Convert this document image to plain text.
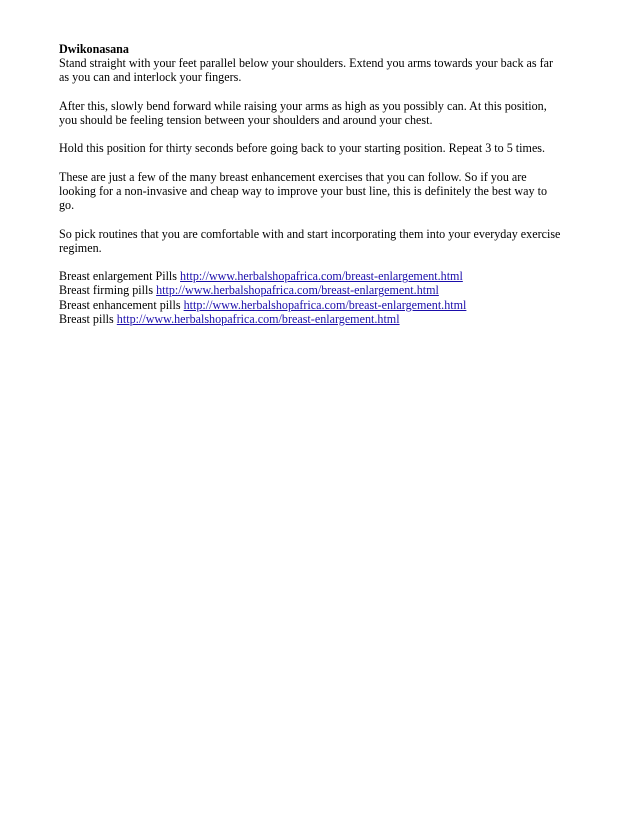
Dwikonasana
Stand straight with your feet parallel below your shoulders. Extend you arms towards your back as far
as you can and interlock your fingers.
After this, slowly bend forward while raising your arms as high as you possibly can. At this position,
you should be feeling tension between your shoulders and around your chest.
Hold this position for thirty seconds before going back to your starting position. Repeat 3 to 5 times.
These are just a few of the many breast enhancement exercises that you can follow. So if you are
looking for a non-invasive and cheap way to improve your bust line, this is definitely the best way to
go.
So pick routines that you are comfortable with and start incorporating them into your everyday exercise
regimen.
Breast enlargement Pills http://www.herbalshopafrica.com/breast-enlargement.html
Breast firming pills http://www.herbalshopafrica.com/breast-enlargement.html
Breast enhancement pills http://www.herbalshopafrica.com/breast-enlargement.html
Breast pills http://www.herbalshopafrica.com/breast-enlargement.html
